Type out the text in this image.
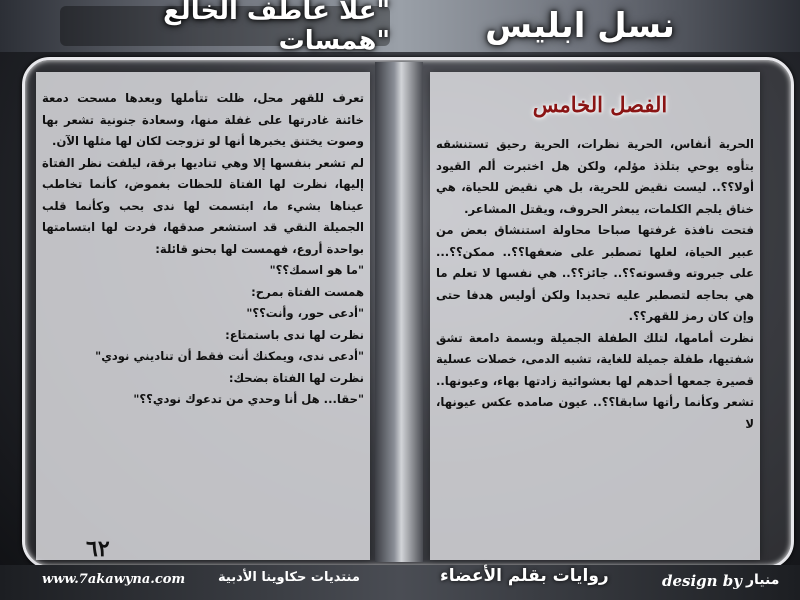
"علا عاطف الخالع "همسات	نسل ابليس

تعرف للقهر محل، ظلت تتأملها وبعدها مسحت دمعة خائنة غادرتها على غفلة منها، وسعادة جنونية تشعر بها وصوت يختنق يخبرها أنها لو تزوجت لكان لها مثلها الآن.

لم تشعر بنفسها إلا وهي تناديها برقة، ليلفت نظر الفتاة إليها، نظرت لها الفتاة للحظات بغموض، كأنما تخاطب عيناها بشيء ما، ابتسمت لها ندى بحب وكأنما قلب الجميلة النقي قد استشعر صدقها، فردت لها ابتسامتها بواحدة أروع، فهمست لها بحنو قائلة:

"ما هو اسمك؟؟"

همست الفتاة بمرح:

"أدعى حور، وأنت؟؟"

نظرت لها ندى باستمتاع:

"أدعى ندى، ويمكنك أنت فقط أن تناديني نودي"

نظرت لها الفتاة بضحك:

"حقا... هل أنا وحدي من تدعوك نودي؟؟"

٦٢
الفصل الخامس

الحرية أنفاس، الحرية نظرات، الحرية رحيق تستنشقه بتأوه يوحي بتلذذ مؤلم، ولكن هل اختبرت ألم القيود أولا؟؟.. ليست نقيض للحرية، بل هي نقيض للحياة، هي خناق يلجم الكلمات، يبعثر الحروف، ويقتل المشاعر.

فتحت نافذة غرفتها صباحا محاولة استنشاق بعض من عبير الحياة، لعلها تصطبر على ضعفها؟؟.. ممكن؟؟... على جبروته وقسوته؟؟.. جائز؟؟.. هي نفسها لا تعلم ما هي بحاجه لتصطبر عليه تحديدا ولكن أوليس هدفا حتى وإن كان رمز للقهر؟؟.

نظرت أمامها، لتلك الطفلة الجميلة وبسمة دامعة تشق شفتيها، طفلة جميلة للغاية، تشبه الدمى، خصلات عسلية قصيرة جمعها أحدهم لها بعشوائية زادتها بهاء، وعيونها.. تشعر وكأنما رأتها سابقا؟؟.. عيون صامده عكس عيونها، لا

www.7akawyna.com	منتديات حكاوينا الأدبية	روايات بقلم الأعضاء	design by منيار
